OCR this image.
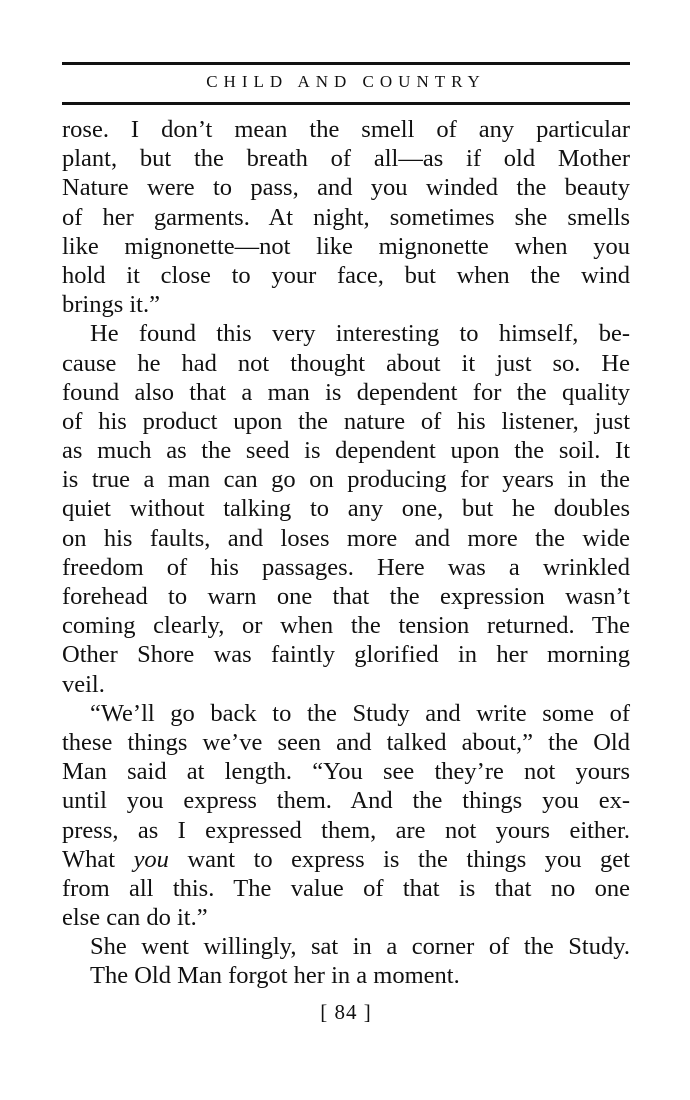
CHILD AND COUNTRY
rose. I don’t mean the smell of any particular
plant, but the breath of all—as if old Mother
Nature were to pass, and you winded the beauty
of her garments. At night, sometimes she smells
like mignonette—not like mignonette when you
hold it close to your face, but when the wind
brings it.”
He found this very interesting to himself, be-
cause he had not thought about it just so. He
found also that a man is dependent for the quality
of his product upon the nature of his listener, just
as much as the seed is dependent upon the soil. It
is true a man can go on producing for years in the
quiet without talking to any one, but he doubles
on his faults, and loses more and more the wide
freedom of his passages. Here was a wrinkled
forehead to warn one that the expression wasn’t
coming clearly, or when the tension returned. The
Other Shore was faintly glorified in her morning
veil.
“We’ll go back to the Study and write some of
these things we’ve seen and talked about,” the Old
Man said at length. “You see they’re not yours
until you express them. And the things you ex-
press, as I expressed them, are not yours either.
What you want to express is the things you get
from all this. The value of that is that no one
else can do it.”
She went willingly, sat in a corner of the Study.
The Old Man forgot her in a moment.
[ 84 ]
